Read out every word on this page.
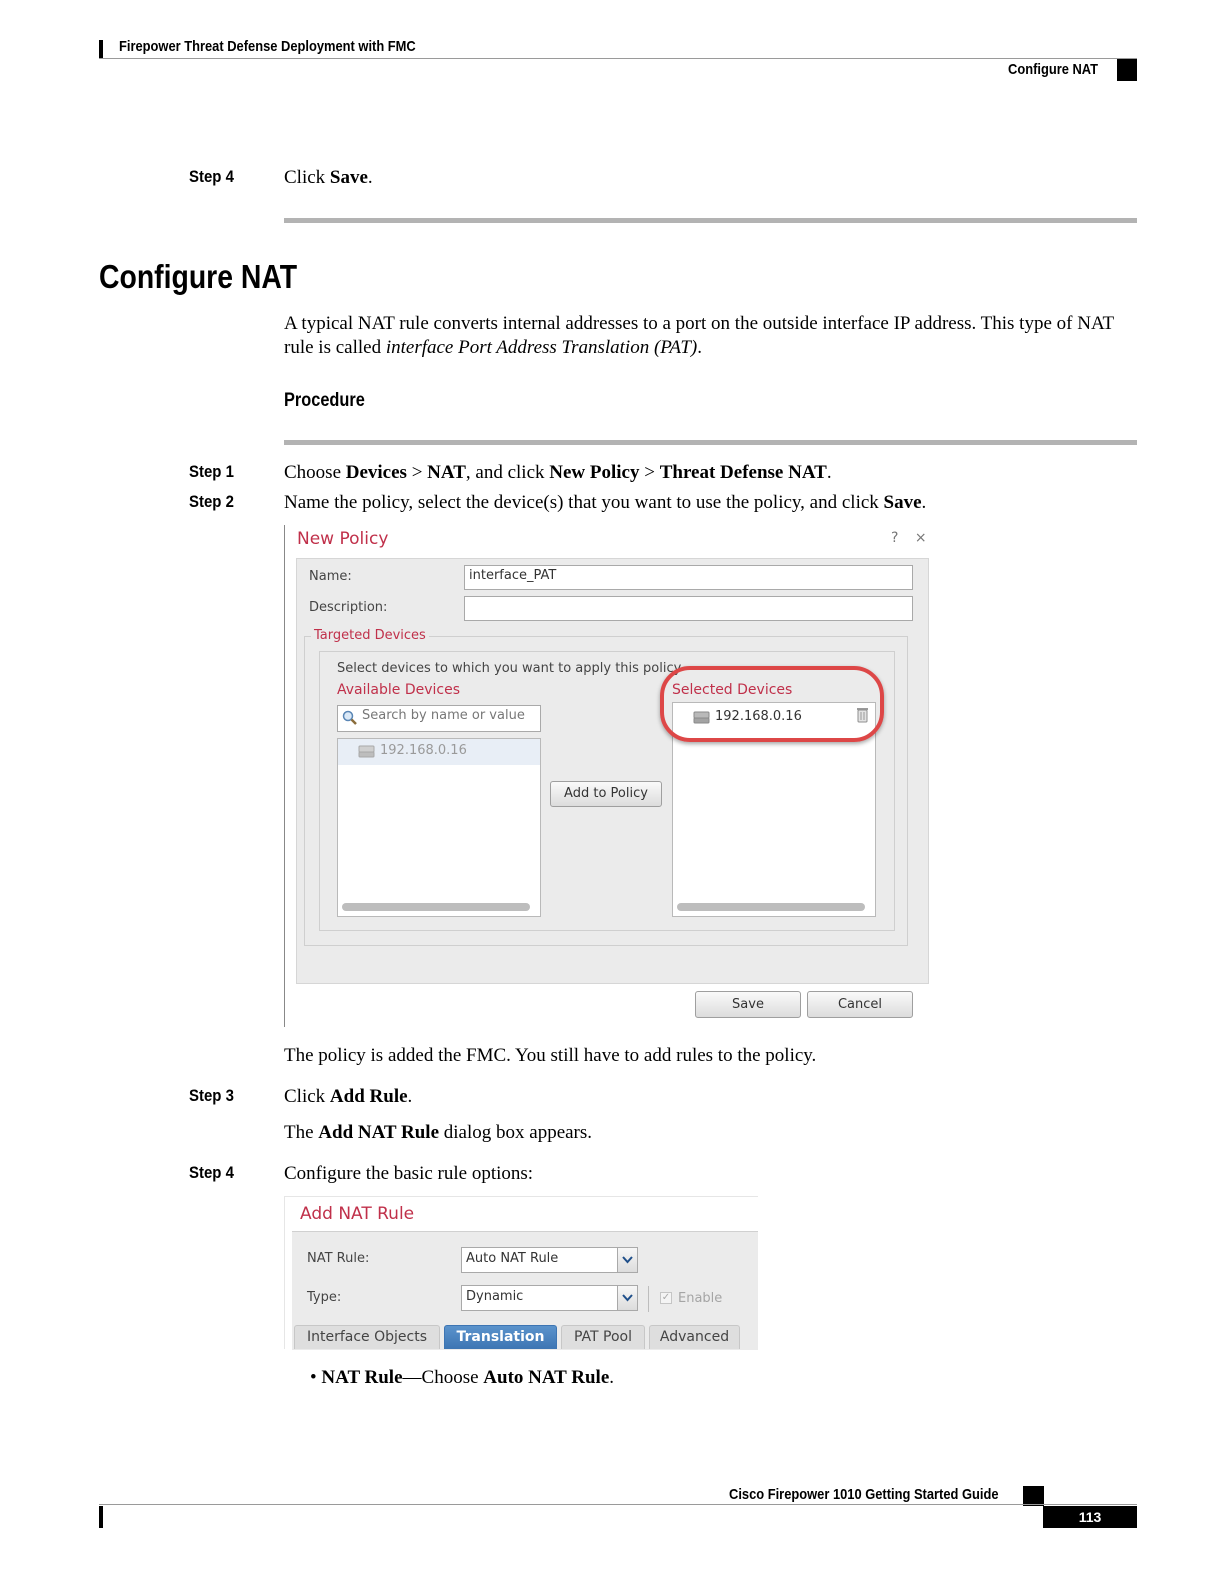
Firepower Threat Defense Deployment with FMC
Configure NAT
Step 4	Click Save.
Configure NAT
A typical NAT rule converts internal addresses to a port on the outside interface IP address. This type of NAT
rule is called interface Port Address Translation (PAT).
Procedure
Step 1	Choose Devices > NAT, and click New Policy > Threat Defense NAT.
Step 2	Name the policy, select the device(s) that you want to use the policy, and click Save.
New Policy	? ×
Name:	interface_PAT
Description:
Targeted Devices
Select devices to which you want to apply this policy
Available Devices
Search by name or value
192.168.0.16
Add to Policy
Selected Devices
192.168.0.16
Save	Cancel
The policy is added the FMC. You still have to add rules to the policy.
Step 3	Click Add Rule.
The Add NAT Rule dialog box appears.
Step 4	Configure the basic rule options:
Add NAT Rule
NAT Rule:	Auto NAT Rule
Type:	Dynamic	✓ Enable
Interface Objects	Translation	PAT Pool	Advanced
• NAT Rule—Choose Auto NAT Rule.
Cisco Firepower 1010 Getting Started Guide
113
